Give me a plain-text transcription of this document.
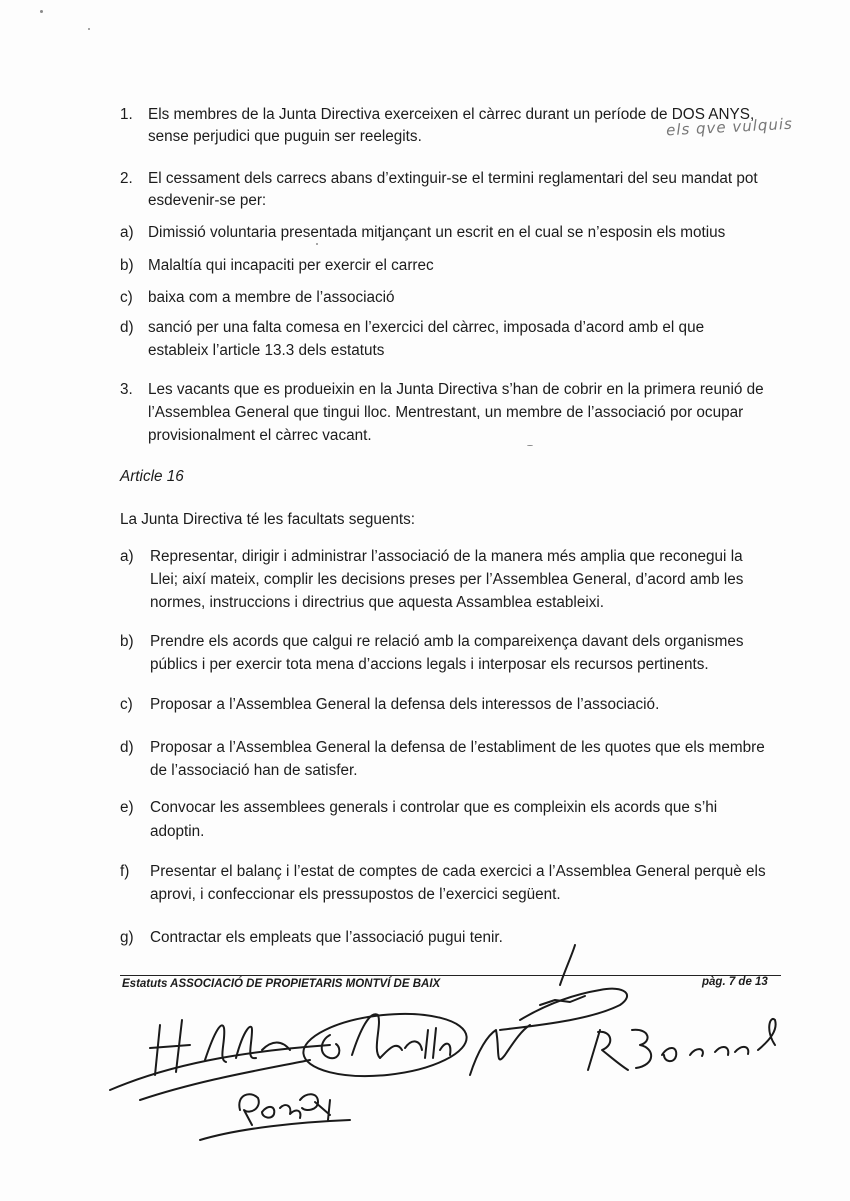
1. Els membres de la Junta Directiva exerceixen el càrrec durant un període de DOS ANYS,
sense perjudici que puguin ser reelegits.	els qve vulquis
2. El cessament dels carrecs abans d’extinguir-se el termini reglamentari del seu mandat pot
esdevenir-se per:
a) Dimissió voluntaria presentada mitjançant un escrit en el cual se n’esposin els motius
b) Malaltía qui incapaciti per exercir el carrec
c) baixa com a membre de l’associació
d) sanció per una falta comesa en l’exercici del càrrec, imposada d’acord amb el que
estableix l’article 13.3 dels estatuts
3. Les vacants que es produeixin en la Junta Directiva s’han de cobrir en la primera reunió de
l’Assemblea General que tingui lloc. Mentrestant, un membre de l’associació por ocupar
provisionalment el càrrec vacant.
Article 16
La Junta Directiva té les facultats seguents:
a) Representar, dirigir i administrar l’associació de la manera més amplia que reconegui la
Llei; així mateix, complir les decisions preses per l’Assemblea General, d’acord amb les
normes, instruccions i directrius que aquesta Assamblea estableixi.
b) Prendre els acords que calgui re relació amb la compareixença davant dels organismes
públics i per exercir tota mena d’accions legals i interposar els recursos pertinents.
c) Proposar a l’Assemblea General la defensa dels interessos de l’associació.
d) Proposar a l’Assemblea General la defensa de l’establiment de les quotes que els membre
de l’associació han de satisfer.
e) Convocar les assemblees generals i controlar que es compleixin els acords que s’hi
adoptin.
f) Presentar el balanç i l’estat de comptes de cada exercici a l’Assemblea General perquè els
aprovi, i confeccionar els pressupostos de l’exercici següent.
g) Contractar els empleats que l’associació pugui tenir.
Estatuts ASSOCIACIÓ DE PROPIETARIS MONTVÍ DE BAIX	pàg. 7 de 13
